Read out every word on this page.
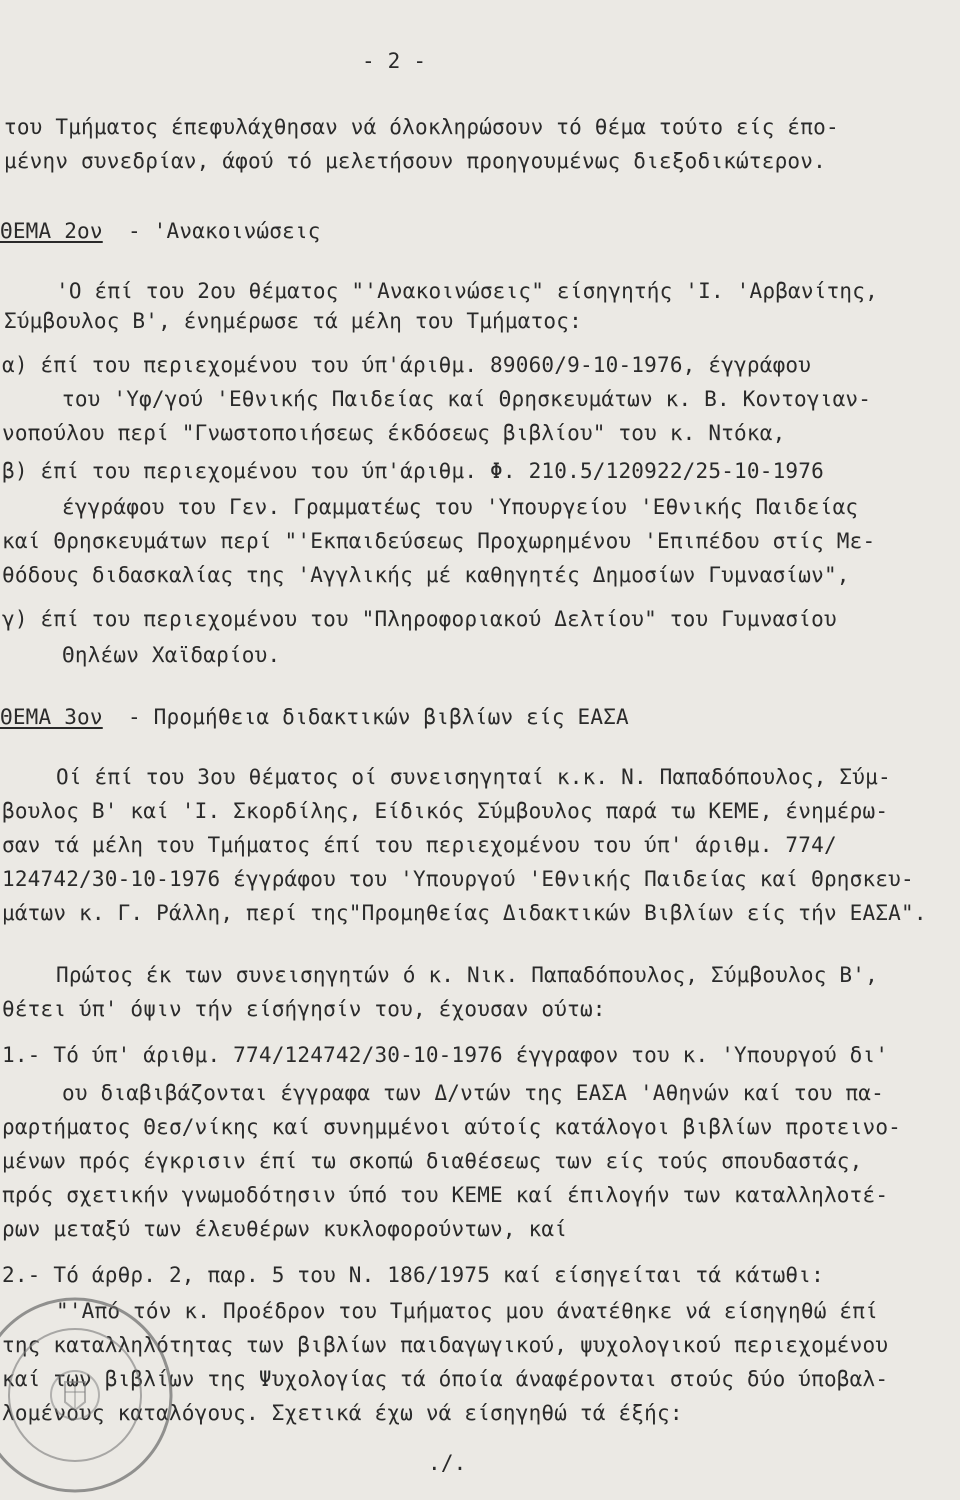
- 2 -
του Τμήματος έπεφυλάχθησαν νά όλοκληρώσουν τό θέμα τούτο είς έπο-
μένην συνεδρίαν, άφού τό μελετήσουν προηγουμένως διεξοδικώτερον.
ΘΕΜΑ 2ον - 'Ανακοινώσεις
'Ο έπί του 2ου θέματος "'Ανακοινώσεις" είσηγητής 'Ι. 'Αρβανίτης,
Σύμβουλος Β', ένημέρωσε τά μέλη του Τμήματος:
α) έπί του περιεχομένου του ύπ'άριθμ. 89060/9-10-1976, έγγράφου
του 'Υφ/γού 'Εθνικής Παιδείας καί Θρησκευμάτων κ. Β. Κοντογιαν-
νοπούλου περί "Γνωστοποιήσεως έκδόσεως βιβλίου" του κ. Ντόκα,
β) έπί του περιεχομένου του ύπ'άριθμ. Φ. 210.5/120922/25-10-1976
έγγράφου του Γεν. Γραμματέως του 'Υπουργείου 'Εθνικής Παιδείας
καί Θρησκευμάτων περί "'Εκπαιδεύσεως Προχωρημένου 'Επιπέδου στίς Με-
θόδους διδασκαλίας της 'Αγγλικής μέ καθηγητές Δημοσίων Γυμνασίων",
γ) έπί του περιεχομένου του "Πληροφοριακού Δελτίου" του Γυμνασίου
Θηλέων Χαϊδαρίου.
ΘΕΜΑ 3ον - Προμήθεια διδακτικών βιβλίων είς ΕΑΣΑ
Οί έπί του 3ου θέματος οί συνεισηγηταί κ.κ. Ν. Παπαδόπουλος, Σύμ-
βουλος Β' καί 'Ι. Σκορδίλης, Είδικός Σύμβουλος παρά τω ΚΕΜΕ, ένημέρω-
σαν τά μέλη του Τμήματος έπί του περιεχομένου του ύπ' άριθμ. 774/
124742/30-10-1976 έγγράφου του 'Υπουργού 'Εθνικής Παιδείας καί Θρησκευ-
μάτων κ. Γ. Ράλλη, περί της"Προμηθείας Διδακτικών Βιβλίων είς τήν ΕΑΣΑ".
Πρώτος έκ των συνεισηγητών ό κ. Νικ. Παπαδόπουλος, Σύμβουλος Β',
θέτει ύπ' όψιν τήν είσήγησίν του, έχουσαν ούτω:
1.- Τό ύπ' άριθμ. 774/124742/30-10-1976 έγγραφον του κ. 'Υπουργού δι'
ου διαβιβάζονται έγγραφα των Δ/ντών της ΕΑΣΑ 'Αθηνών καί του πα-
ραρτήματος Θεσ/νίκης καί συνημμένοι αύτοίς κατάλογοι βιβλίων προτεινο-
μένων πρός έγκρισιν έπί τω σκοπώ διαθέσεως των είς τούς σπουδαστάς,
πρός σχετικήν γνωμοδότησιν ύπό του ΚΕΜΕ καί έπιλογήν των καταλληλοτέ-
ρων μεταξύ των έλευθέρων κυκλοφορούντων, καί
2.- Τό άρθρ. 2, παρ. 5 του Ν. 186/1975 καί είσηγείται τά κάτωθι:
"'Από τόν κ. Προέδρον του Τμήματος μου άνατέθηκε νά είσηγηθώ έπί
της καταλληλότητας των βιβλίων παιδαγωγικού, ψυχολογικού περιεχομένου
καί των βιβλίων της Ψυχολογίας τά όποία άναφέρονται στούς δύο ύποβαλ-
λομένους καταλόγους. Σχετικά έχω νά είσηγηθώ τά έξής:
./.
